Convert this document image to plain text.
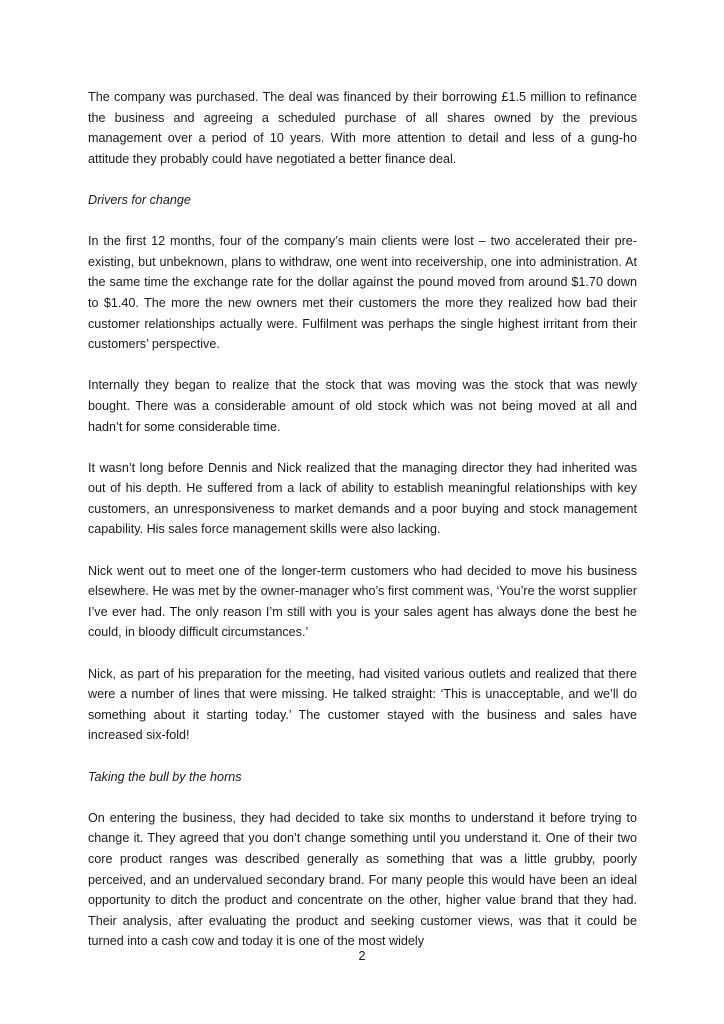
The company was purchased. The deal was financed by their borrowing £1.5 million to refinance the business and agreeing a scheduled purchase of all shares owned by the previous management over a period of 10 years. With more attention to detail and less of a gung-ho attitude they probably could have negotiated a better finance deal.

Drivers for change

In the first 12 months, four of the company’s main clients were lost – two accelerated their pre-existing, but unbeknown, plans to withdraw, one went into receivership, one into administration. At the same time the exchange rate for the dollar against the pound moved from around $1.70 down to $1.40. The more the new owners met their customers the more they realized how bad their customer relationships actually were. Fulfilment was perhaps the single highest irritant from their customers’ perspective.

Internally they began to realize that the stock that was moving was the stock that was newly bought. There was a considerable amount of old stock which was not being moved at all and hadn’t for some considerable time.

It wasn’t long before Dennis and Nick realized that the managing director they had inherited was out of his depth. He suffered from a lack of ability to establish meaningful relationships with key customers, an unresponsiveness to market demands and a poor buying and stock management capability. His sales force management skills were also lacking.

Nick went out to meet one of the longer-term customers who had decided to move his business elsewhere. He was met by the owner-manager who’s first comment was, ‘You’re the worst supplier I’ve ever had. The only reason I’m still with you is your sales agent has always done the best he could, in bloody difficult circumstances.’

Nick, as part of his preparation for the meeting, had visited various outlets and realized that there were a number of lines that were missing. He talked straight: ‘This is unacceptable, and we’ll do something about it starting today.’ The customer stayed with the business and sales have increased six-fold!

Taking the bull by the horns

On entering the business, they had decided to take six months to understand it before trying to change it. They agreed that you don’t change something until you understand it. One of their two core product ranges was described generally as something that was a little grubby, poorly perceived, and an undervalued secondary brand. For many people this would have been an ideal opportunity to ditch the product and concentrate on the other, higher value brand that they had. Their analysis, after evaluating the product and seeking customer views, was that it could be turned into a cash cow and today it is one of the most widely

2
